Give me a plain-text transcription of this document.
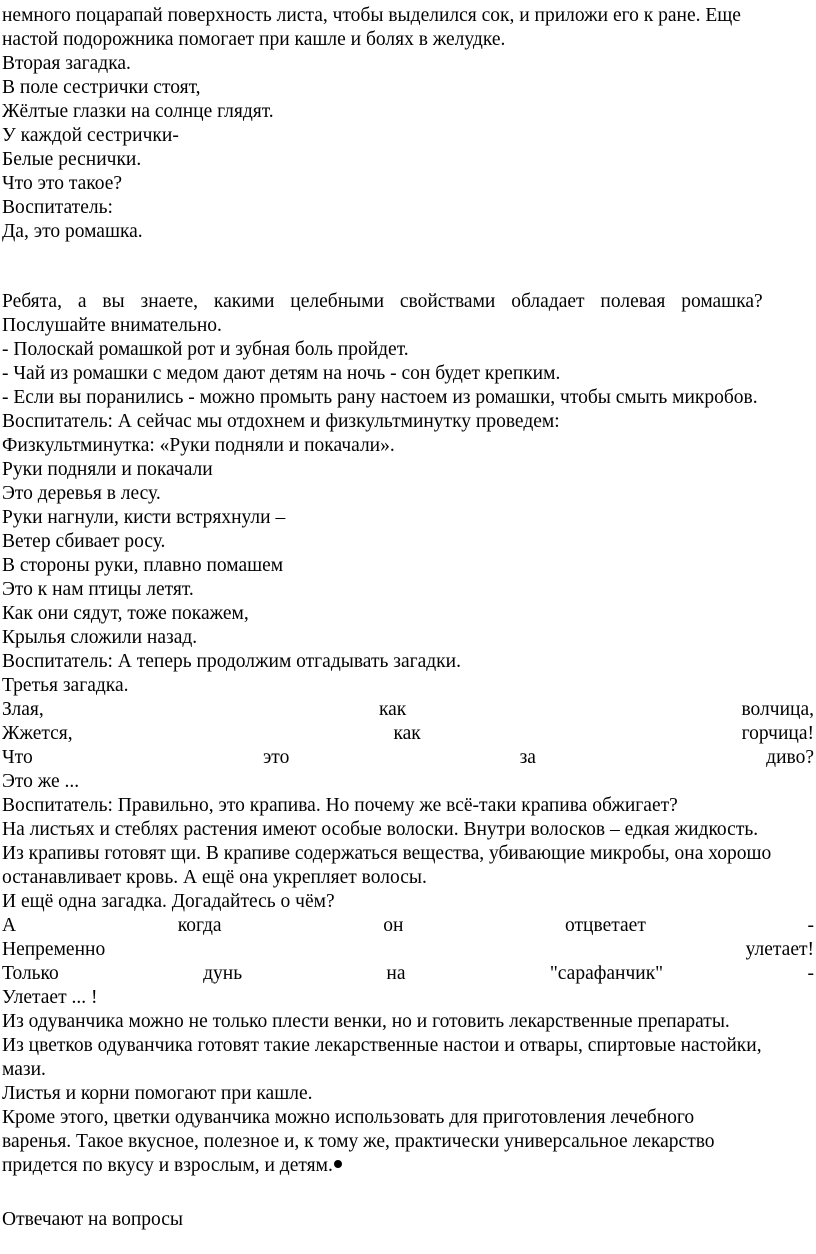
немного поцарапай поверхность листа, чтобы выделился сок, и приложи его к ране. Еще
настой подорожника помогает при кашле и болях в желудке.
Вторая загадка.
В поле сестрички стоят,
Жёлтые глазки на солнце глядят.
У каждой сестрички-
Белые реснички.
Что это такое?
Воспитатель:
Да, это ромашка.
Ребята, а вы знаете, какими целебными свойствами обладает полевая ромашка?
Послушайте внимательно.
- Полоскай ромашкой рот и зубная боль пройдет.
- Чай из ромашки с медом дают детям на ночь - сон будет крепким.
- Если вы поранились - можно промыть рану настоем из ромашки, чтобы смыть микробов.
Воспитатель: А сейчас мы отдохнем и физкультминутку проведем:
Физкультминутка: «Руки подняли и покачали».
Руки подняли и покачали
Это деревья в лесу.
Руки нагнули, кисти встряхнули –
Ветер сбивает росу.
В стороны руки, плавно помашем
Это к нам птицы летят.
Как они сядут, тоже покажем,
Крылья сложили назад.
Воспитатель: А теперь продолжим отгадывать загадки.
Третья загадка.
Злая,	как	волчица,
Жжется,	как	горчица!
Что	это	за	диво?
Это же ...
Воспитатель: Правильно, это крапива. Но почему же всё-таки крапива обжигает?
На листьях и стеблях растения имеют особые волоски. Внутри волосков – едкая жидкость.
Из крапивы готовят щи. В крапиве содержаться вещества, убивающие микробы, она хорошо
останавливает кровь. А ещё она укрепляет волосы.
И ещё одна загадка. Догадайтесь о чём?
А	когда	он	отцветает	-
Непременно	улетает!
Только	дунь	на	"сарафанчик"	-
Улетает ... !
Из одуванчика можно не только плести венки, но и готовить лекарственные препараты.
Из цветков одуванчика готовят такие лекарственные настои и отвары, спиртовые настойки,
мази.
Листья и корни помогают при кашле.
Кроме этого, цветки одуванчика можно использовать для приготовления лечебного
варенья. Такое вкусное, полезное и, к тому же, практически универсальное лекарство
придется по вкусу и взрослым, и детям.
Отвечают на вопросы
